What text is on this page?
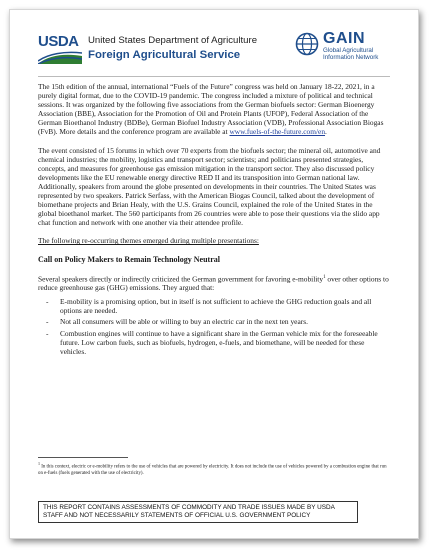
USDA United States Department of Agriculture
Foreign Agricultural Service
GAIN
Global Agricultural
Information Network

The 15th edition of the annual, international “Fuels of the Future” congress was held on January 18-22, 2021, in a purely digital format, due to the COVID-19 pandemic. The congress included a mixture of political and technical sessions. It was organized by the following five associations from the German biofuels sector: German Bioenergy Association (BBE), Association for the Promotion of Oil and Protein Plants (UFOP), Federal Association of the German Bioethanol Industry (BDBe), German Biofuel Industry Association (VDB), Professional Association Biogas (FvB). More details and the conference program are available at www.fuels-of-the-future.com/en.

The event consisted of 15 forums in which over 70 experts from the biofuels sector; the mineral oil, automotive and chemical industries; the mobility, logistics and transport sector; scientists; and politicians presented strategies, concepts, and measures for greenhouse gas emission mitigation in the transport sector. They also discussed policy developments like the EU renewable energy directive RED II and its transposition into German national law. Additionally, speakers from around the globe presented on developments in their countries. The United States was represented by two speakers. Patrick Serfass, with the American Biogas Council, talked about the development of biomethane projects and Brian Healy, with the U.S. Grains Council, explained the role of the United States in the global bioethanol market. The 560 participants from 26 countries were able to pose their questions via the slido app chat function and network with one another via their attendee profile.

The following re-occurring themes emerged during multiple presentations:

Call on Policy Makers to Remain Technology Neutral

Several speakers directly or indirectly criticized the German government for favoring e-mobility$^1$ over other options to reduce greenhouse gas (GHG) emissions. They argued that:

- E-mobility is a promising option, but in itself is not sufficient to achieve the GHG reduction goals and all options are needed.
- Not all consumers will be able or willing to buy an electric car in the next ten years.
- Combustion engines will continue to have a significant share in the German vehicle mix for the foreseeable future. Low carbon fuels, such as biofuels, hydrogen, e-fuels, and biomethane, will be needed for these vehicles.
$^1$ In this context, electric or e-mobility refers to the use of vehicles that are powered by electricity. It does not include the use of vehicles powered by a combustion engine that run on e-fuels (fuels generated with the use of electricity).
THIS REPORT CONTAINS ASSESSMENTS OF COMMODITY AND TRADE ISSUES MADE BY USDA STAFF AND NOT NECESSARILY STATEMENTS OF OFFICIAL U.S. GOVERNMENT POLICY
